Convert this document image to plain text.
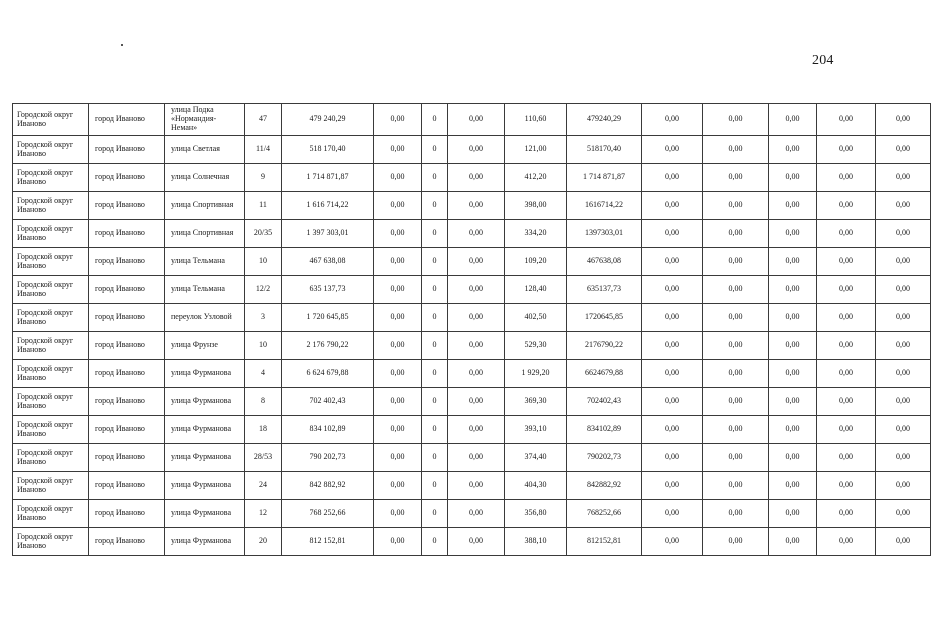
204
Городской округ Иваново	город Иваново	улица Подка «Нормандия-Неман»	47	479 240,29	0,00	0	0,00	110,60	479240,29	0,00	0,00	0,00	0,00	0,00
Городской округ Иваново	город Иваново	улица Светлая	11/4	518 170,40	0,00	0	0,00	121,00	518170,40	0,00	0,00	0,00	0,00	0,00
Городской округ Иваново	город Иваново	улица Солнечная	9	1 714 871,87	0,00	0	0,00	412,20	1 714 871,87	0,00	0,00	0,00	0,00	0,00
Городской округ Иваново	город Иваново	улица Спортивная	11	1 616 714,22	0,00	0	0,00	398,00	1616714,22	0,00	0,00	0,00	0,00	0,00
Городской округ Иваново	город Иваново	улица Спортивная	20/35	1 397 303,01	0,00	0	0,00	334,20	1397303,01	0,00	0,00	0,00	0,00	0,00
Городской округ Иваново	город Иваново	улица Тельмана	10	467 638,08	0,00	0	0,00	109,20	467638,08	0,00	0,00	0,00	0,00	0,00
Городской округ Иваново	город Иваново	улица Тельмана	12/2	635 137,73	0,00	0	0,00	128,40	635137,73	0,00	0,00	0,00	0,00	0,00
Городской округ Иваново	город Иваново	переулок Узловой	3	1 720 645,85	0,00	0	0,00	402,50	1720645,85	0,00	0,00	0,00	0,00	0,00
Городской округ Иваново	город Иваново	улица Фрунзе	10	2 176 790,22	0,00	0	0,00	529,30	2176790,22	0,00	0,00	0,00	0,00	0,00
Городской округ Иваново	город Иваново	улица Фурманова	4	6 624 679,88	0,00	0	0,00	1 929,20	6624679,88	0,00	0,00	0,00	0,00	0,00
Городской округ Иваново	город Иваново	улица Фурманова	8	702 402,43	0,00	0	0,00	369,30	702402,43	0,00	0,00	0,00	0,00	0,00
Городской округ Иваново	город Иваново	улица Фурманова	18	834 102,89	0,00	0	0,00	393,10	834102,89	0,00	0,00	0,00	0,00	0,00
Городской округ Иваново	город Иваново	улица Фурманова	28/53	790 202,73	0,00	0	0,00	374,40	790202,73	0,00	0,00	0,00	0,00	0,00
Городской округ Иваново	город Иваново	улица Фурманова	24	842 882,92	0,00	0	0,00	404,30	842882,92	0,00	0,00	0,00	0,00	0,00
Городской округ Иваново	город Иваново	улица Фурманова	12	768 252,66	0,00	0	0,00	356,80	768252,66	0,00	0,00	0,00	0,00	0,00
Городской округ Иваново	город Иваново	улица Фурманова	20	812 152,81	0,00	0	0,00	388,10	812152,81	0,00	0,00	0,00	0,00	0,00
